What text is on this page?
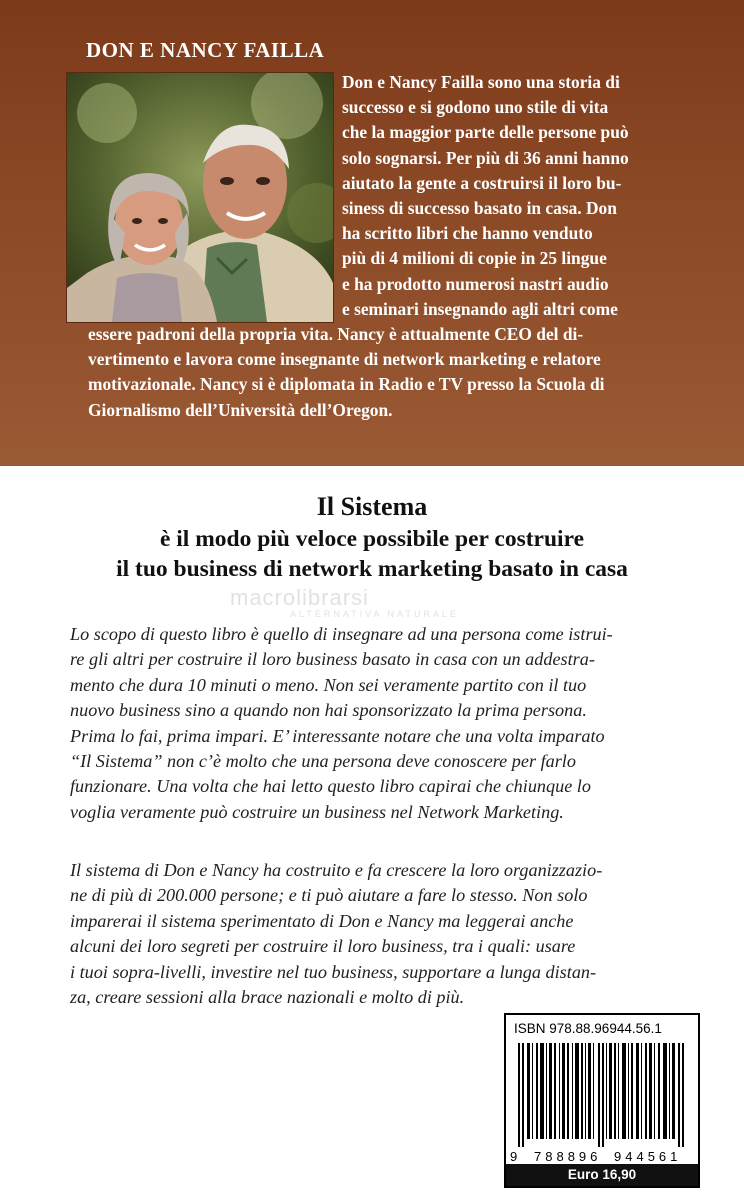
DON E NANCY FAILLA
Don e Nancy Failla sono una storia di
successo e si godono uno stile di vita
che la maggior parte delle persone può
solo sognarsi. Per più di 36 anni hanno
aiutato la gente a costruirsi il loro bu-
siness di successo basato in casa. Don
ha scritto libri che hanno venduto
più di 4 milioni di copie in 25 lingue
e ha prodotto numerosi nastri audio
e seminari insegnando agli altri come
essere padroni della propria vita. Nancy è attualmente CEO del di-
vertimento e lavora come insegnante di network marketing e relatore
motivazionale. Nancy si è diplomata in Radio e TV presso la Scuola di
Giornalismo dell’Università dell’Oregon.
Il Sistema
è il modo più veloce possibile per costruire
il tuo business di network marketing basato in casa
macrolibrarsi
ALTERNATIVA NATURALE
Lo scopo di questo libro è quello di insegnare ad una persona come istrui-
re gli altri per costruire il loro business basato in casa con un addestra-
mento che dura 10 minuti o meno. Non sei veramente partito con il tuo
nuovo business sino a quando non hai sponsorizzato la prima persona.
Prima lo fai, prima impari. E’ interessante notare che una volta imparato
“Il Sistema” non c’è molto che una persona deve conoscere per farlo
funzionare. Una volta che hai letto questo libro capirai che chiunque lo
voglia veramente può costruire un business nel Network Marketing.
Il sistema di Don e Nancy ha costruito e fa crescere la loro organizzazio-
ne di più di 200.000 persone; e ti può aiutare a fare lo stesso. Non solo
imparerai il sistema sperimentato di Don e Nancy ma leggerai anche
alcuni dei loro segreti per costruire il loro business, tra i quali: usare
i tuoi sopra-livelli, investire nel tuo business, supportare a lunga distan-
za, creare sessioni alla brace nazionali e molto di più.
ISBN 978.88.96944.56.1
9 788896 944561
Euro 16,90
